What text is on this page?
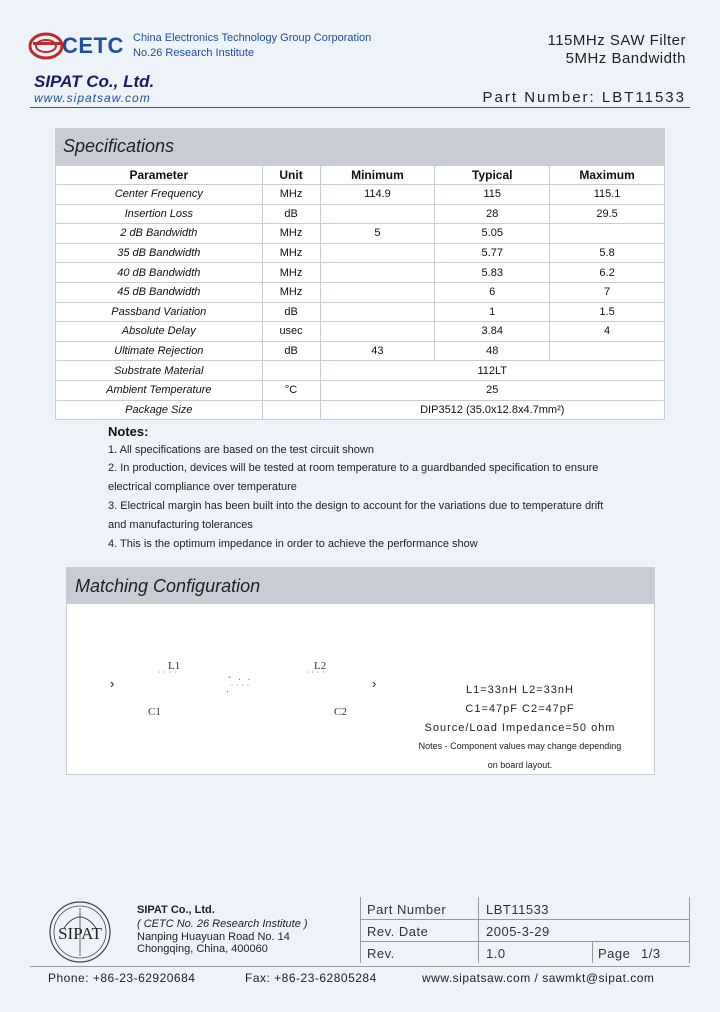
CETC China Electronics Technology Group Corporation
No.26 Research Institute
SIPAT Co., Ltd.
www.sipatsaw.com
115MHz SAW Filter
5MHz Bandwidth
Part Number: LBT11533
Specifications
Parameter	Unit	Minimum	Typical	Maximum
Center Frequency	MHz	114.9	115	115.1
Insertion Loss	dB		28	29.5
2 dB Bandwidth	MHz	5	5.05	
35 dB Bandwidth	MHz		5.77	5.8
40 dB Bandwidth	MHz		5.83	6.2
45 dB Bandwidth	MHz		6	7
Passband Variation	dB		1	1.5
Absolute Delay	usec		3.84	4
Ultimate Rejection	dB	43	48	
Substrate Material		112LT		
Ambient Temperature	°C	25		
Package Size		DIP3512 (35.0x12.8x4.7mm²)		
Notes:
1. All specifications are based on the test circuit shown
2. In production, devices will be tested at room temperature to a guardbanded specification to ensure
electrical compliance over temperature
3. Electrical margin has been built into the design to account for the variations due to temperature drift
and manufacturing tolerances
4. This is the optimum impedance in order to achieve the performance show
Matching Configuration
›
L1
˙˙˙˙	- . .
.˙˙˙˙
L2
˙˙˙˙	›
C1	C2
L1=33nH L2=33nH
C1=47pF C2=47pF
Source/Load Impedance=50 ohm
Notes - Component values may change depending
on board layout.
SIPAT
SIPAT Co., Ltd.
( CETC No. 26 Research Institute )
Nanping Huayuan Road No. 14
Chongqing, China, 400060
Part Number	LBT11533
Rev. Date	2005-3-29
Rev.	1.0	Page 1/3
Phone: +86-23-62920684	Fax: +86-23-62805284	www.sipatsaw.com / sawmkt@sipat.com
